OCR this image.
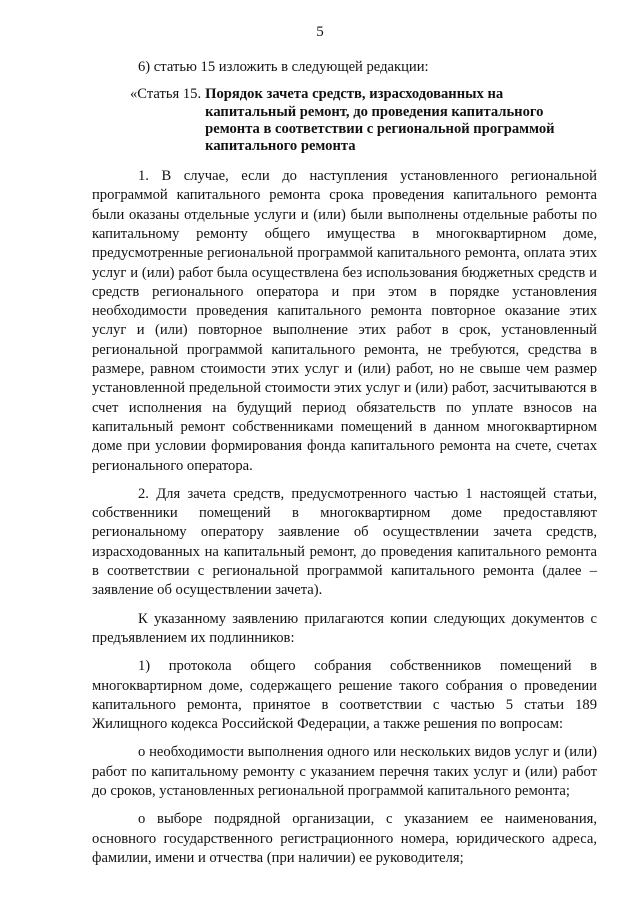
5

6) статью 15 изложить в следующей редакции:

«Статья 15. Порядок зачета средств, израсходованных на капитальный ремонт, до проведения капитального ремонта в соответствии с региональной программой капитального ремонта

1. В случае, если до наступления установленного региональной программой капитального ремонта срока проведения капитального ремонта были оказаны отдельные услуги и (или) были выполнены отдельные работы по капитальному ремонту общего имущества в многоквартирном доме, предусмотренные региональной программой капитального ремонта, оплата этих услуг и (или) работ была осуществлена без использования бюджетных средств и средств регионального оператора и при этом в порядке установления необходимости проведения капитального ремонта повторное оказание этих услуг и (или) повторное выполнение этих работ в срок, установленный региональной программой капитального ремонта, не требуются, средства в размере, равном стоимости этих услуг и (или) работ, но не свыше чем размер установленной предельной стоимости этих услуг и (или) работ, засчитываются в счет исполнения на будущий период обязательств по уплате взносов на капитальный ремонт собственниками помещений в данном многоквартирном доме при условии формирования фонда капитального ремонта на счете, счетах регионального оператора.

2. Для зачета средств, предусмотренного частью 1 настоящей статьи, собственники помещений в многоквартирном доме предоставляют региональному оператору заявление об осуществлении зачета средств, израсходованных на капитальный ремонт, до проведения капитального ремонта в соответствии с региональной программой капитального ремонта (далее – заявление об осуществлении зачета).

К указанному заявлению прилагаются копии следующих документов с предъявлением их подлинников:

1) протокола общего собрания собственников помещений в многоквартирном доме, содержащего решение такого собрания о проведении капитального ремонта, принятое в соответствии с частью 5 статьи 189 Жилищного кодекса Российской Федерации, а также решения по вопросам:

о необходимости выполнения одного или нескольких видов услуг и (или) работ по капитальному ремонту с указанием перечня таких услуг и (или) работ до сроков, установленных региональной программой капитального ремонта;

о выборе подрядной организации, с указанием ее наименования, основного государственного регистрационного номера, юридического адреса, фамилии, имени и отчества (при наличии) ее руководителя;
